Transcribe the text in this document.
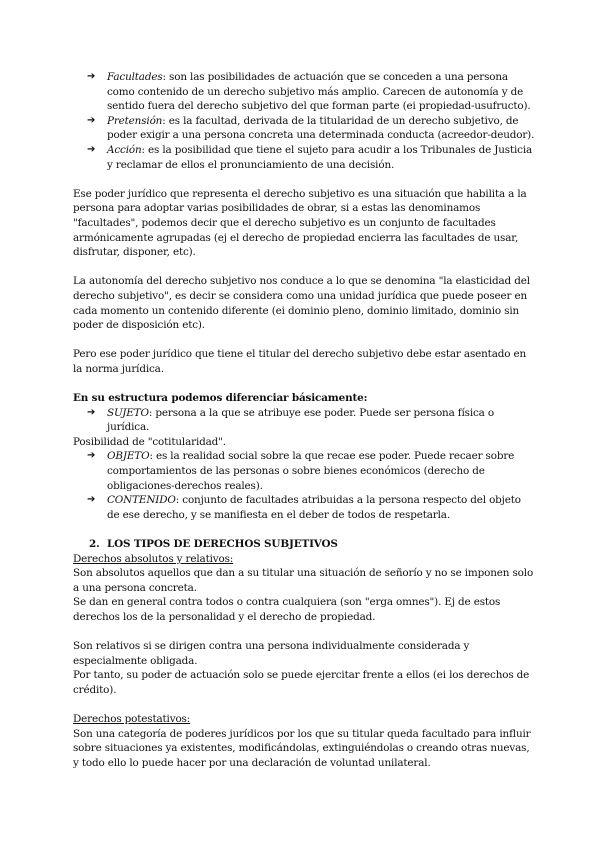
➔ Facultades: son las posibilidades de actuación que se conceden a una persona como contenido de un derecho subjetivo más amplio. Carecen de autonomía y de sentido fuera del derecho subjetivo del que forman parte (ei propiedad-usufructo).
➔ Pretensión: es la facultad, derivada de la titularidad de un derecho subjetivo, de poder exigir a una persona concreta una determinada conducta (acreedor-deudor).
➔ Acción: es la posibilidad que tiene el sujeto para acudir a los Tribunales de Justicia y reclamar de ellos el pronunciamiento de una decisión.

Ese poder jurídico que representa el derecho subjetivo es una situación que habilita a la persona para adoptar varias posibilidades de obrar, si a estas las denominamos "facultades", podemos decir que el derecho subjetivo es un conjunto de facultades armónicamente agrupadas (ej el derecho de propiedad encierra las facultades de usar, disfrutar, disponer, etc).

La autonomía del derecho subjetivo nos conduce a lo que se denomina "la elasticidad del derecho subjetivo", es decir se considera como una unidad jurídica que puede poseer en cada momento un contenido diferente (ei dominio pleno, dominio limitado, dominio sin poder de disposición etc).

Pero ese poder jurídico que tiene el titular del derecho subjetivo debe estar asentado en la norma jurídica.

En su estructura podemos diferenciar básicamente:

➔ SUJETO: persona a la que se atribuye ese poder. Puede ser persona física o jurídica.

Posibilidad de "cotitularidad".

➔ OBJETO: es la realidad social sobre la que recae ese poder. Puede recaer sobre comportamientos de las personas o sobre bienes económicos (derecho de obligaciones-derechos reales).
➔ CONTENIDO: conjunto de facultades atribuidas a la persona respecto del objeto de ese derecho, y se manifiesta en el deber de todos de respetarla.

2. LOS TIPOS DE DERECHOS SUBJETIVOS

Derechos absolutos y relativos:

Son absolutos aquellos que dan a su titular una situación de señorío y no se imponen solo a una persona concreta.

Se dan en general contra todos o contra cualquiera (son "erga omnes"). Ej de estos derechos los de la personalidad y el derecho de propiedad.

Son relativos si se dirigen contra una persona individualmente considerada y especialmente obligada.

Por tanto, su poder de actuación solo se puede ejercitar frente a ellos (ei los derechos de crédito).

Derechos potestativos:

Son una categoría de poderes jurídicos por los que su titular queda facultado para influir sobre situaciones ya existentes, modificándolas, extinguiéndolas o creando otras nuevas, y todo ello lo puede hacer por una declaración de voluntad unilateral.
